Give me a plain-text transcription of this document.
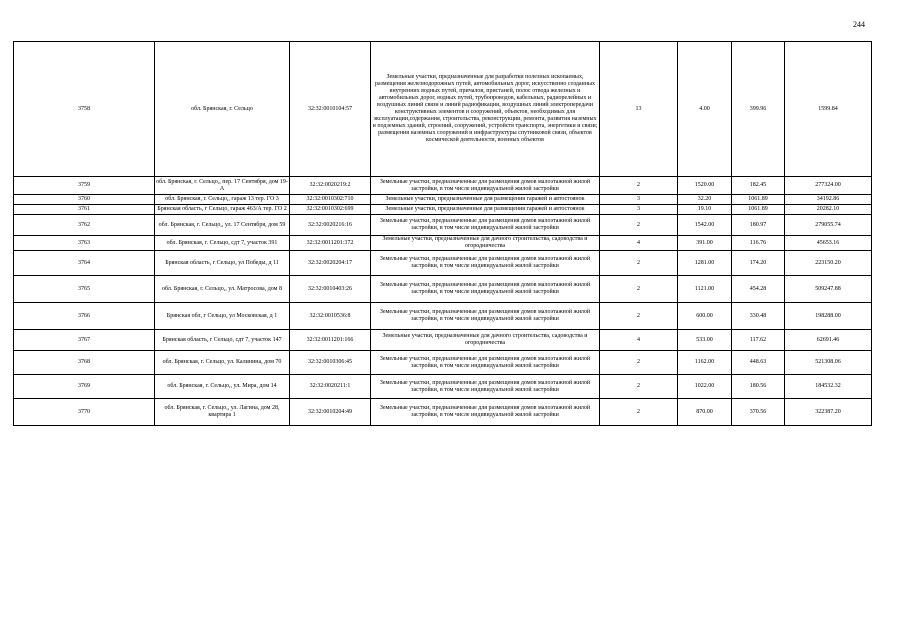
244
3758	обл. Брянская, г. Сельцо	32:32:0010104:57	Земельные участки, предназначенные для разработки полезных ископаемых, размещения железнодорожных путей, автомобильных дорог, искусственно созданных внутренних водных путей, причалов, пристаней, полос отвода железных и автомобильных дорог, водных путей, трубопроводов, кабельных, радиорелейных и воздушных линий связи и линий радиофикации, воздушных линий электропередачи конструктивных элементов и сооружений, объектов, необходимых для эксплуатации,содержания, строительства, реконструкции, ремонта, развития наземных и подземных зданий, строений, сооружений, устройств транспорта, энергетики и связи; размещения наземных сооружений и инфраструктуры спутниковой связи, объектов космической деятельности, военных объектов	13	4.00	399.96	1599.84
3759	обл. Брянская, г. Сельцо,, пер. 17 Сентября, дом 19-А	32:32:0020219:2	Земельные участки, предназначенные для размещения домов малоэтажной жилой застройки, в том числе индивидуальной жилой застройки	2	1520.00	182.45	277324.00
3760	обл. Брянская, г. Сельцо,, гараж 13 тер. ГО 3	32:32:0010302:710	Земельные участки, предназначенные для размещения гаражей и автостоянок	3	32.20	1061.89	34192.86
3761	Брянская область, г Сельцо, гараж 463/А тер. ГО 2	32:32:0010302:699	Земельные участки, предназначенные для размещения гаражей и автостоянок	3	19.10	1061.89	20282.10
3762	обл. Брянская, г. Сельцо,, ул. 17 Сентября, дом 59	32:32:0020216:16	Земельные участки, предназначенные для размещения домов малоэтажной жилой застройки, в том числе индивидуальной жилой застройки	2	1542.00	180.97	279055.74
3763	обл. Брянская, г. Сельцо, сдт 7, участок 391	32:32:0011201:372	Земельные участки, предназначенные для дачного строительства, садоводства и огородничества	4	391.00	116.76	45653.16
3764	Брянская область, г Сельцо, ул Победы, д 11	32:32:0020204:17	Земельные участки, предназначенные для размещения домов малоэтажной жилой застройки, в том числе индивидуальной жилой застройки	2	1281.00	174.20	223150.20
3765	обл. Брянская, г. Сельцо,, ул. Матросова, дом 8	32:32:0010403:26	Земельные участки, предназначенные для размещения домов малоэтажной жилой застройки, в том числе индивидуальной жилой застройки	2	1121.00	454.28	509247.88
3766	Брянская обл, г Сельцо, ул Московская, д 1	32:32:0010536:8	Земельные участки, предназначенные для размещения домов малоэтажной жилой застройки, в том числе индивидуальной жилой застройки	2	600.00	330.48	198288.00
3767	Брянская область, г Сельцо, сдт 7, участок 147	32:32:0011201:166	Земельные участки, предназначенные для дачного строительства, садоводства и огородничества	4	533.00	117.62	62691.46
3768	обл. Брянская, г. Сельцо, ул. Калинина, дом 70	32:32:0010306:45	Земельные участки, предназначенные для размещения домов малоэтажной жилой застройки, в том числе индивидуальной жилой застройки	2	1162.00	448.63	521308.06
3769	обл. Брянская, г. Сельцо,, ул. Мира, дом 14	32:32:0020211:1	Земельные участки, предназначенные для размещения домов малоэтажной жилой застройки, в том числе индивидуальной жилой застройки	2	1022.00	180.56	184532.32
3770	обл. Брянская, г. Сельцо,, ул. Лагина, дом 28, квартира 1	32:32:0010204:49	Земельные участки, предназначенные для размещения домов малоэтажной жилой застройки, в том числе индивидуальной жилой застройки	2	870.00	370.56	322387.20
